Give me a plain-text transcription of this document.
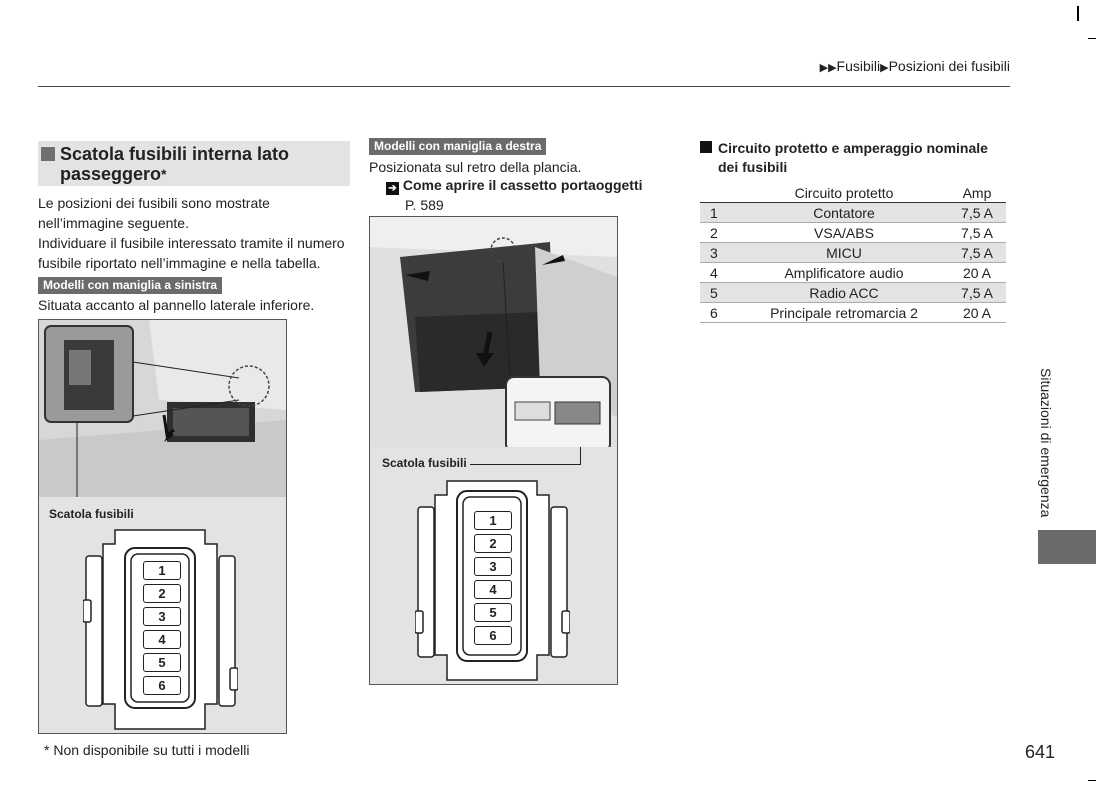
▶▶Fusibili▶Posizioni dei fusibili
Scatola fusibili interna lato
passeggero*
Le posizioni dei fusibili sono mostrate
nell’immagine seguente.
Individuare il fusibile interessato tramite il numero
fusibile riportato nell’immagine e nella tabella.
Modelli con maniglia a sinistra
Situata accanto al pannello laterale inferiore.
Scatola fusibili
1
2
3
4
5
6
Modelli con maniglia a destra
Posizionata sul retro della plancia.
➔ Come aprire il cassetto portaoggetti
P. 589
Scatola fusibili
1
2
3
4
5
6
Circuito protetto e amperaggio nominale dei fusibili
	Circuito protetto	Amp
1	Contatore	7,5 A
2	VSA/ABS	7,5 A
3	MICU	7,5 A
4	Amplificatore audio	20 A
5	Radio ACC	7,5 A
6	Principale retromarcia 2	20 A
Situazioni di emergenza
* Non disponibile su tutti i modelli	641
